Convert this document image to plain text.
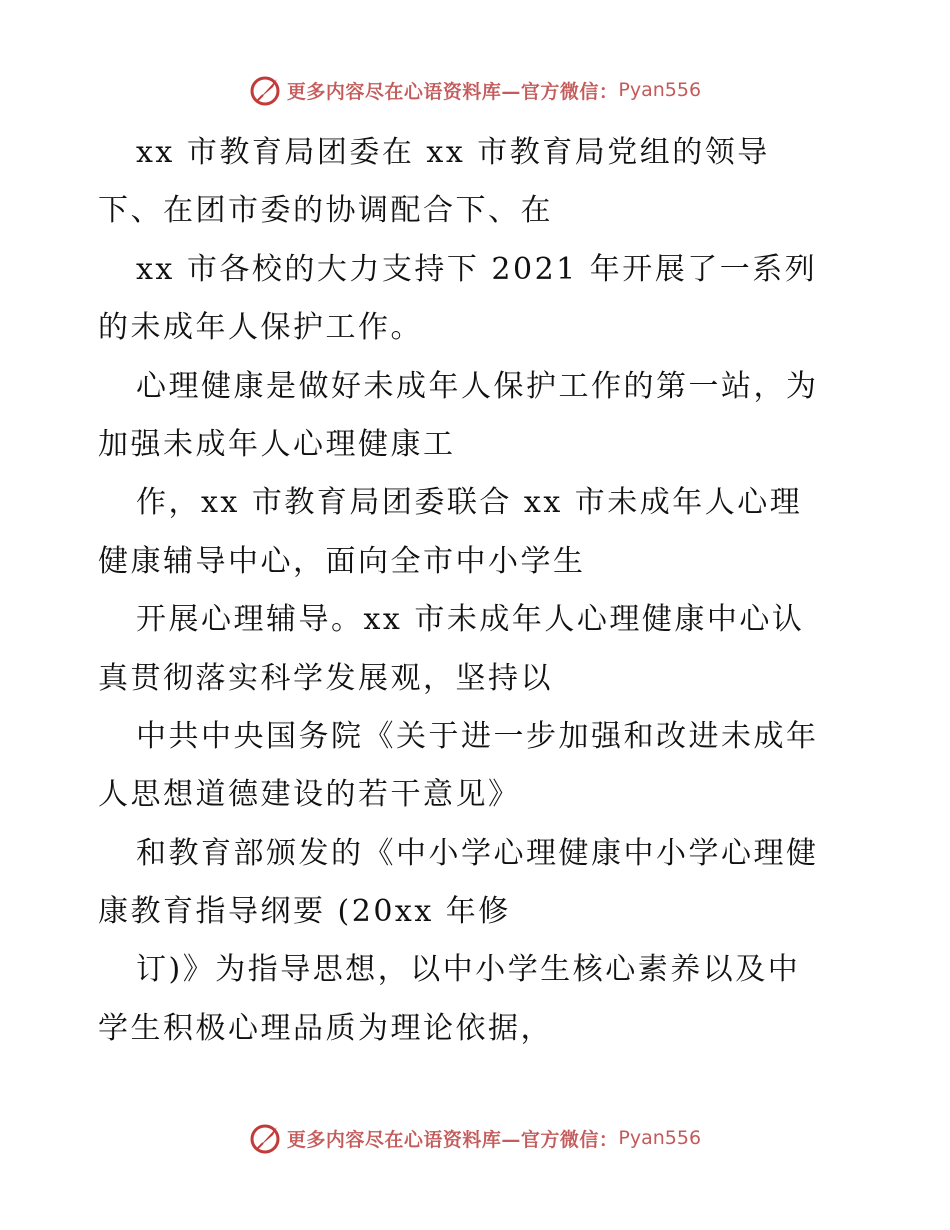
更多内容尽在心语资料库—官方微信： Pyan556
xx 市教育局团委在 xx 市教育局党组的领导
下、在团市委的协调配合下、在
xx 市各校的大力支持下 2021 年开展了一系列
的未成年人保护工作。
心理健康是做好未成年人保护工作的第一站，为
加强未成年人心理健康工
作，xx 市教育局团委联合 xx 市未成年人心理
健康辅导中心，面向全市中小学生
开展心理辅导。xx 市未成年人心理健康中心认
真贯彻落实科学发展观，坚持以
中共中央国务院《关于进一步加强和改进未成年
人思想道德建设的若干意见》
和教育部颁发的《中小学心理健康中小学心理健
康教育指导纲要 (20xx 年修
订)》为指导思想，以中小学生核心素养以及中
学生积极心理品质为理论依据，
更多内容尽在心语资料库—官方微信： Pyan556
